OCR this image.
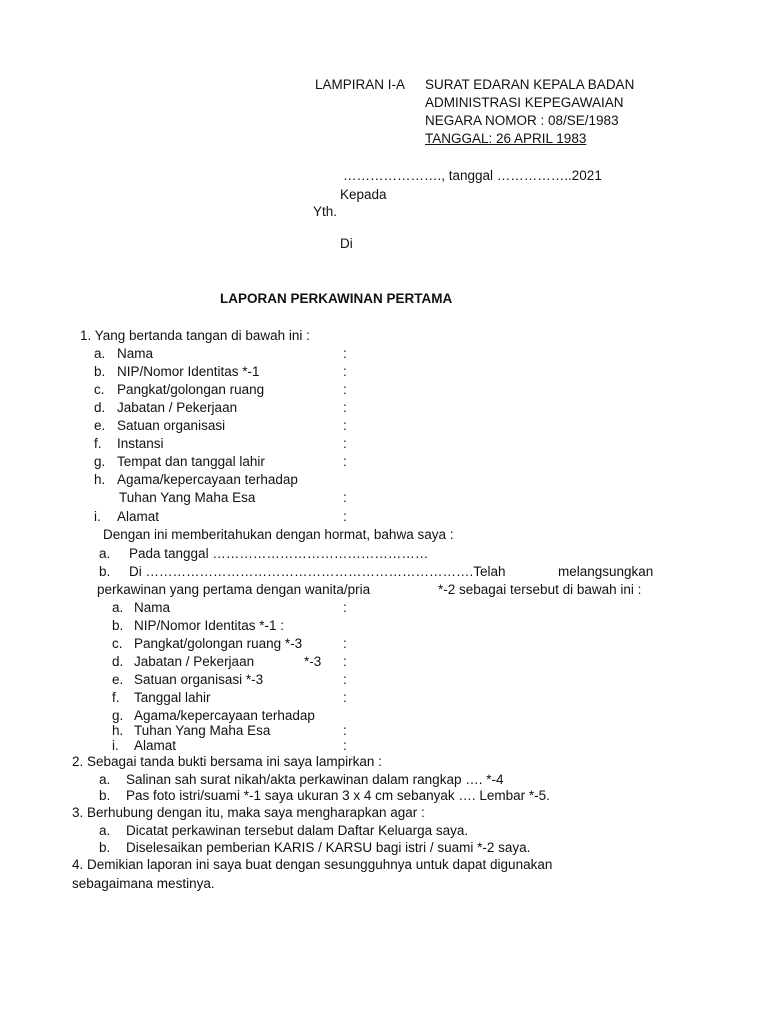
LAMPIRAN I-A SURAT EDARAN KEPALA BADAN
ADMINISTRASI KEPEGAWAIAN
NEGARA NOMOR : 08/SE/1983
TANGGAL: 26 APRIL 1983
…………………., tanggal ……………..2021
Kepada
Yth.
Di
LAPORAN PERKAWINAN PERTAMA
1. Yang bertanda tangan di bawah ini :
a. Nama	:
b. NIP/Nomor Identitas *-1	:
c. Pangkat/golongan ruang	:
d. Jabatan / Pekerjaan	:
e. Satuan organisasi	:
f. Instansi	:
g. Tempat dan tanggal lahir	:
h. Agama/kepercayaan terhadap
Tuhan Yang Maha Esa	:
i. Alamat	:
Dengan ini memberitahukan dengan hormat, bahwa saya :
a. Pada tanggal …………………………………………
b. Di ……………………………………………………………….Telah	melangsungkan
perkawinan yang pertama dengan wanita/pria	*-2 sebagai tersebut di bawah ini :
a. Nama	:
b. NIP/Nomor Identitas *-1 :
c. Pangkat/golongan ruang *-3	:
d. Jabatan / Pekerjaan	*-3 :
e. Satuan organisasi *-3	:
f. Tanggal lahir	:
g. Agama/kepercayaan terhadap
h. Tuhan Yang Maha Esa	:
i. Alamat	:
2. Sebagai tanda bukti bersama ini saya lampirkan :
a. Salinan sah surat nikah/akta perkawinan dalam rangkap …. *-4
b. Pas foto istri/suami *-1 saya ukuran 3 x 4 cm sebanyak …. Lembar *-5.
3. Berhubung dengan itu, maka saya mengharapkan agar :
a. Dicatat perkawinan tersebut dalam Daftar Keluarga saya.
b. Diselesaikan pemberian KARIS / KARSU bagi istri / suami *-2 saya.
4. Demikian laporan ini saya buat dengan sesungguhnya untuk dapat digunakan
sebagaimana mestinya.
